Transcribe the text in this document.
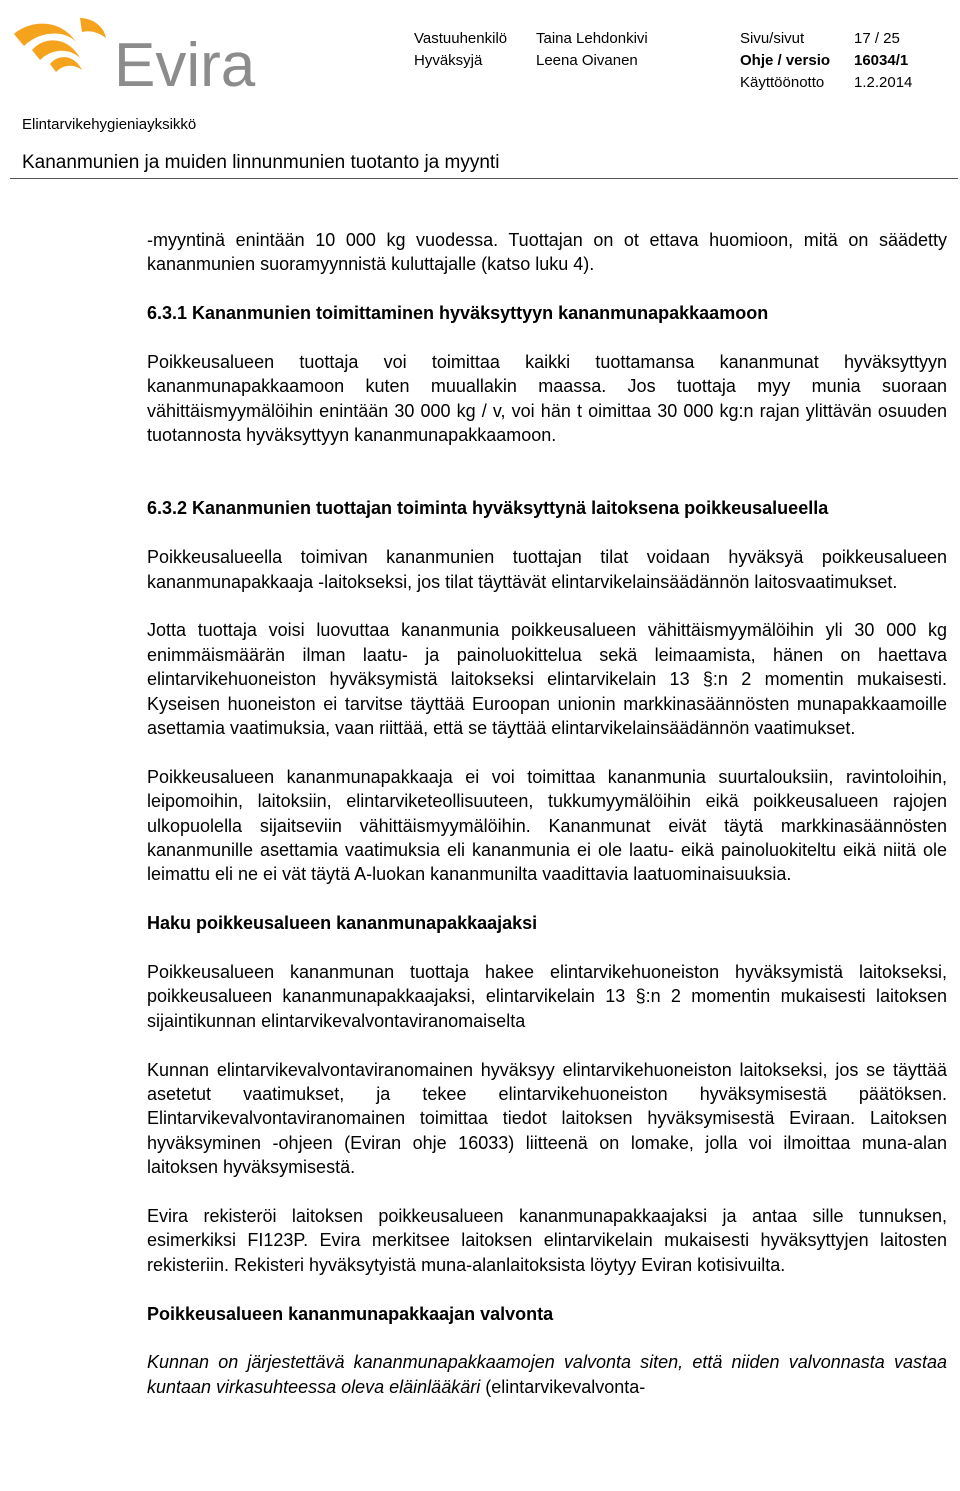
Evira	Vastuuhenkilö	Taina Lehdonkivi
Hyväksyjä	Leena Oivanen
Sivu/sivut	17 / 25
Ohje / versio	16034/1
Käyttöönotto	1.2.2014
Elintarvikehygieniayksikkö
Kananmunien ja muiden linnunmunien tuotanto ja myynti

-myyntinä enintään 10 000 kg vuodessa. Tuottajan on ot ettava huomioon, mitä on säädetty kananmunien suoramyynnistä kuluttajalle (katso luku 4).

6.3.1 Kananmunien toimittaminen hyväksyttyyn kananmunapakkaamoon

Poikkeusalueen tuottaja voi toimittaa kaikki tuottamansa kananmunat hyväksyttyyn kananmunapakkaamoon kuten muuallakin maassa. Jos tuottaja myy munia suoraan vähittäismyymälöihin enintään 30 000 kg / v, voi hän t oimittaa 30 000 kg:n rajan ylittävän osuuden tuotannosta hyväksyttyyn kananmunapakkaamoon.

6.3.2 Kananmunien tuottajan toiminta hyväksyttynä laitoksena poikkeusalueella

Poikkeusalueella toimivan kananmunien tuottajan tilat voidaan hyväksyä poikkeusalueen kananmunapakkaaja -laitokseksi, jos tilat täyttävät elintarvikelainsäädännön laitosvaatimukset.

Jotta tuottaja voisi luovuttaa kananmunia poikkeusalueen vähittäismyymälöihin yli 30 000 kg enimmäismäärän ilman laatu- ja painoluokittelua sekä leimaamista, hänen on haettava elintarvikehuoneiston hyväksymistä laitokseksi elintarvikelain 13 §:n 2 momentin mukaisesti. Kyseisen huoneiston ei tarvitse täyttää Euroopan unionin markkinasäännösten munapakkaamoille asettamia vaatimuksia, vaan riittää, että se täyttää elintarvikelainsäädännön vaatimukset.

Poikkeusalueen kananmunapakkaaja ei voi toimittaa kananmunia suurtalouksiin, ravintoloihin, leipomoihin, laitoksiin, elintarviketeollisuuteen, tukkumyymälöihin eikä poikkeusalueen rajojen ulkopuolella sijaitseviin vähittäismyymälöihin. Kananmunat eivät täytä markkinasäännösten kananmunille asettamia vaatimuksia eli kananmunia ei ole laatu- eikä painoluokiteltu eikä niitä ole leimattu eli ne ei vät täytä A-luokan kananmunilta vaadittavia laatuominaisuuksia.

Haku poikkeusalueen kananmunapakkaajaksi

Poikkeusalueen kananmunan tuottaja hakee elintarvikehuoneiston hyväksymistä laitokseksi, poikkeusalueen kananmunapakkaajaksi, elintarvikelain 13 §:n 2 momentin mukaisesti laitoksen sijaintikunnan elintarvikevalvontaviranomaiselta

Kunnan elintarvikevalvontaviranomainen hyväksyy elintarvikehuoneiston laitokseksi, jos se täyttää asetetut vaatimukset, ja tekee elintarvikehuoneiston hyväksymisestä päätöksen. Elintarvikevalvontaviranomainen toimittaa tiedot laitoksen hyväksymisestä Eviraan. Laitoksen hyväksyminen -ohjeen (Eviran ohje 16033) liitteenä on lomake, jolla voi ilmoittaa muna-alan laitoksen hyväksymisestä.

Evira rekisteröi laitoksen poikkeusalueen kananmunapakkaajaksi ja antaa sille tunnuksen, esimerkiksi FI123P. Evira merkitsee laitoksen elintarvikelain mukaisesti hyväksyttyjen laitosten rekisteriin. Rekisteri hyväksytyistä muna-alanlaitoksista löytyy Eviran kotisivuilta.

Poikkeusalueen kananmunapakkaajan valvonta

Kunnan on järjestettävä kananmunapakkaamojen valvonta siten, että niiden valvonnasta vastaa kuntaan virkasuhteessa oleva eläinlääkäri (elintarvikevalvonta-
